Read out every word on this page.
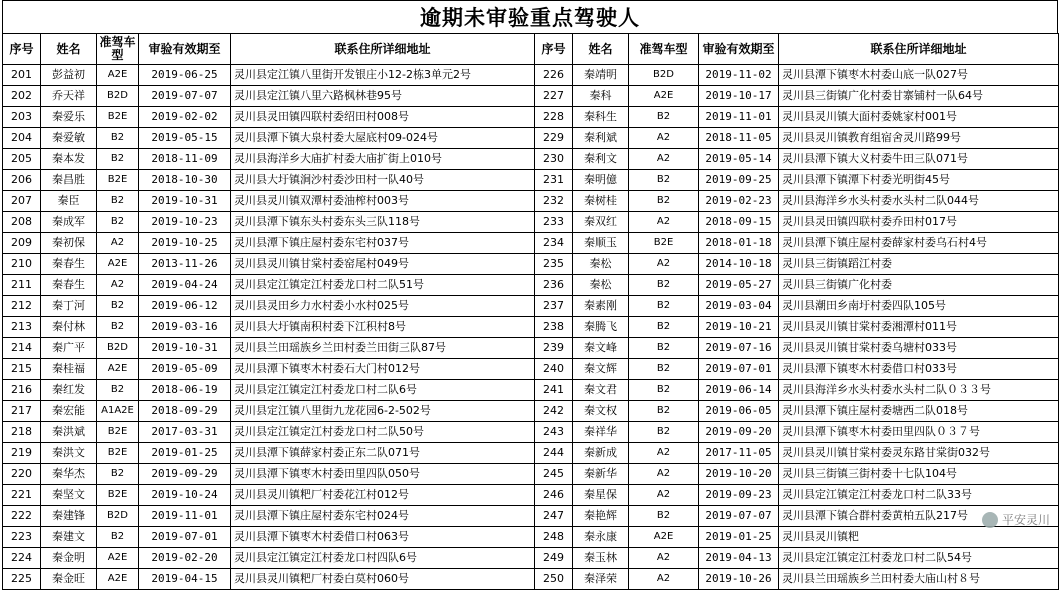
逾期未审验重点驾驶人
序号	姓名	准驾车型	审验有效期至	联系住所详细地址	序号	姓名	准驾车型	审验有效期至	联系住所详细地址
201	彭益初	A2E	2019-06-25	灵川县定江镇八里街开发银庄小12-2栋3单元2号	226	秦靖明	B2D	2019-11-02	灵川县潭下镇枣木村委山底一队027号
202	乔天祥	B2D	2019-07-07	灵川县定江镇八里六路枫林巷95号	227	秦科	A2E	2019-10-17	灵川县三街镇广化村委甘寨铺村一队64号
203	秦爱乐	B2E	2019-02-02	灵川县灵田镇四联村委绍田村008号	228	秦科生	B2	2019-11-01	灵川县灵川镇大面村委姚家村001号
204	秦爱敏	B2	2019-05-15	灵川县潭下镇大泉村委大屋底村09-024号	229	秦利斌	A2	2018-11-05	灵川县灵川镇教育组宿舍灵川路99号
205	秦本发	B2	2018-11-09	灵川县海洋乡大庙扩村委大庙扩街上010号	230	秦利文	A2	2019-05-14	灵川县潭下镇大义村委牛田三队071号
206	秦昌胜	B2E	2018-10-30	灵川县大圩镇涧沙村委沙田村一队40号	231	秦明億	B2	2019-09-25	灵川县潭下镇潭下村委光明街45号
207	秦臣	B2	2019-10-31	灵川县灵川镇双潭村委油榨村003号	232	秦树桂	B2	2019-02-23	灵川县海洋乡水头村委水头村二队044号
208	秦成军	B2	2019-10-23	灵川县潭下镇东头村委东头三队118号	233	秦双红	A2	2018-09-15	灵川县灵田镇四联村委乔田村017号
209	秦初保	A2	2019-10-25	灵川县潭下镇庄屋村委东宅村037号	234	秦顺玉	B2E	2018-01-18	灵川县潭下镇庄屋村委薛家村委乌石村4号
210	秦春生	A2E	2013-11-26	灵川县灵川镇甘棠村委窑尾村049号	235	秦松	A2	2014-10-18	灵川县三街镇蹈江村委
211	秦春生	A2	2019-04-24	灵川县定江镇定江村委龙口村二队51号	236	秦松	B2	2019-05-27	灵川县三街镇广化村委
212	秦丁河	B2	2019-06-12	灵川县灵田乡力水村委小水村025号	237	秦素刚	B2	2019-03-04	灵川县潮田乡南圩村委四队105号
213	秦付林	B2	2019-03-16	灵川县大圩镇南积村委下江积村8号	238	秦腾飞	B2	2019-10-21	灵川县灵川镇甘棠村委湘潭村011号
214	秦广平	B2D	2019-10-31	灵川县兰田瑶族乡兰田村委兰田街三队87号	239	秦文峰	B2	2019-07-16	灵川县灵川镇甘棠村委乌塘村033号
215	秦桂福	A2E	2019-05-09	灵川县潭下镇枣木村委石大门村012号	240	秦文辉	B2	2019-07-01	灵川县潭下镇枣木村委借口村033号
216	秦红发	B2	2018-06-19	灵川县定江镇定江村委龙口村二队6号	241	秦文君	B2	2019-06-14	灵川县海洋乡水头村委水头村二队０３３号
217	秦宏能	A1A2E	2018-09-29	灵川县定江镇八里街九龙花园6-2-502号	242	秦文权	B2	2019-06-05	灵川县潭下镇庄屋村委塘西二队018号
218	秦洪斌	B2E	2017-03-31	灵川县定江镇定江村委龙口村二队50号	243	秦祥华	B2	2019-09-20	灵川县潭下镇枣木村委田里四队０３７号
219	秦洪文	B2E	2019-01-25	灵川县潭下镇薛家村委正东二队071号	244	秦新成	A2	2017-11-05	灵川县灵川镇甘棠村委灵东路甘棠街032号
220	秦华杰	B2	2019-09-29	灵川县潭下镇枣木村委田里四队050号	245	秦新华	A2	2019-10-20	灵川县三街镇三街村委十七队104号
221	秦坚文	B2E	2019-10-24	灵川县灵川镇粑厂村委花江村012号	246	秦星保	A2	2019-09-23	灵川县定江镇定江村委龙口村二队33号
222	秦建锋	B2D	2019-11-01	灵川县潭下镇庄屋村委东宅村024号	247	秦艳辉	B2	2019-07-07	灵川县潭下镇合群村委黄柏五队217号
223	秦建文	B2	2019-07-01	灵川县潭下镇枣木村委借口村063号	248	秦永康	A2E	2019-01-25	灵川县灵川镇粑
224	秦金明	A2E	2019-02-20	灵川县定江镇定江村委龙口村四队6号	249	秦玉林	A2	2019-04-13	灵川县定江镇定江村委龙口村二队54号
225	秦金旺	A2E	2019-04-15	灵川县灵川镇粑厂村委白莫村060号	250	秦泽荣	A2	2019-10-26	灵川县兰田瑶族乡兰田村委大庙山村８号
平安灵川
